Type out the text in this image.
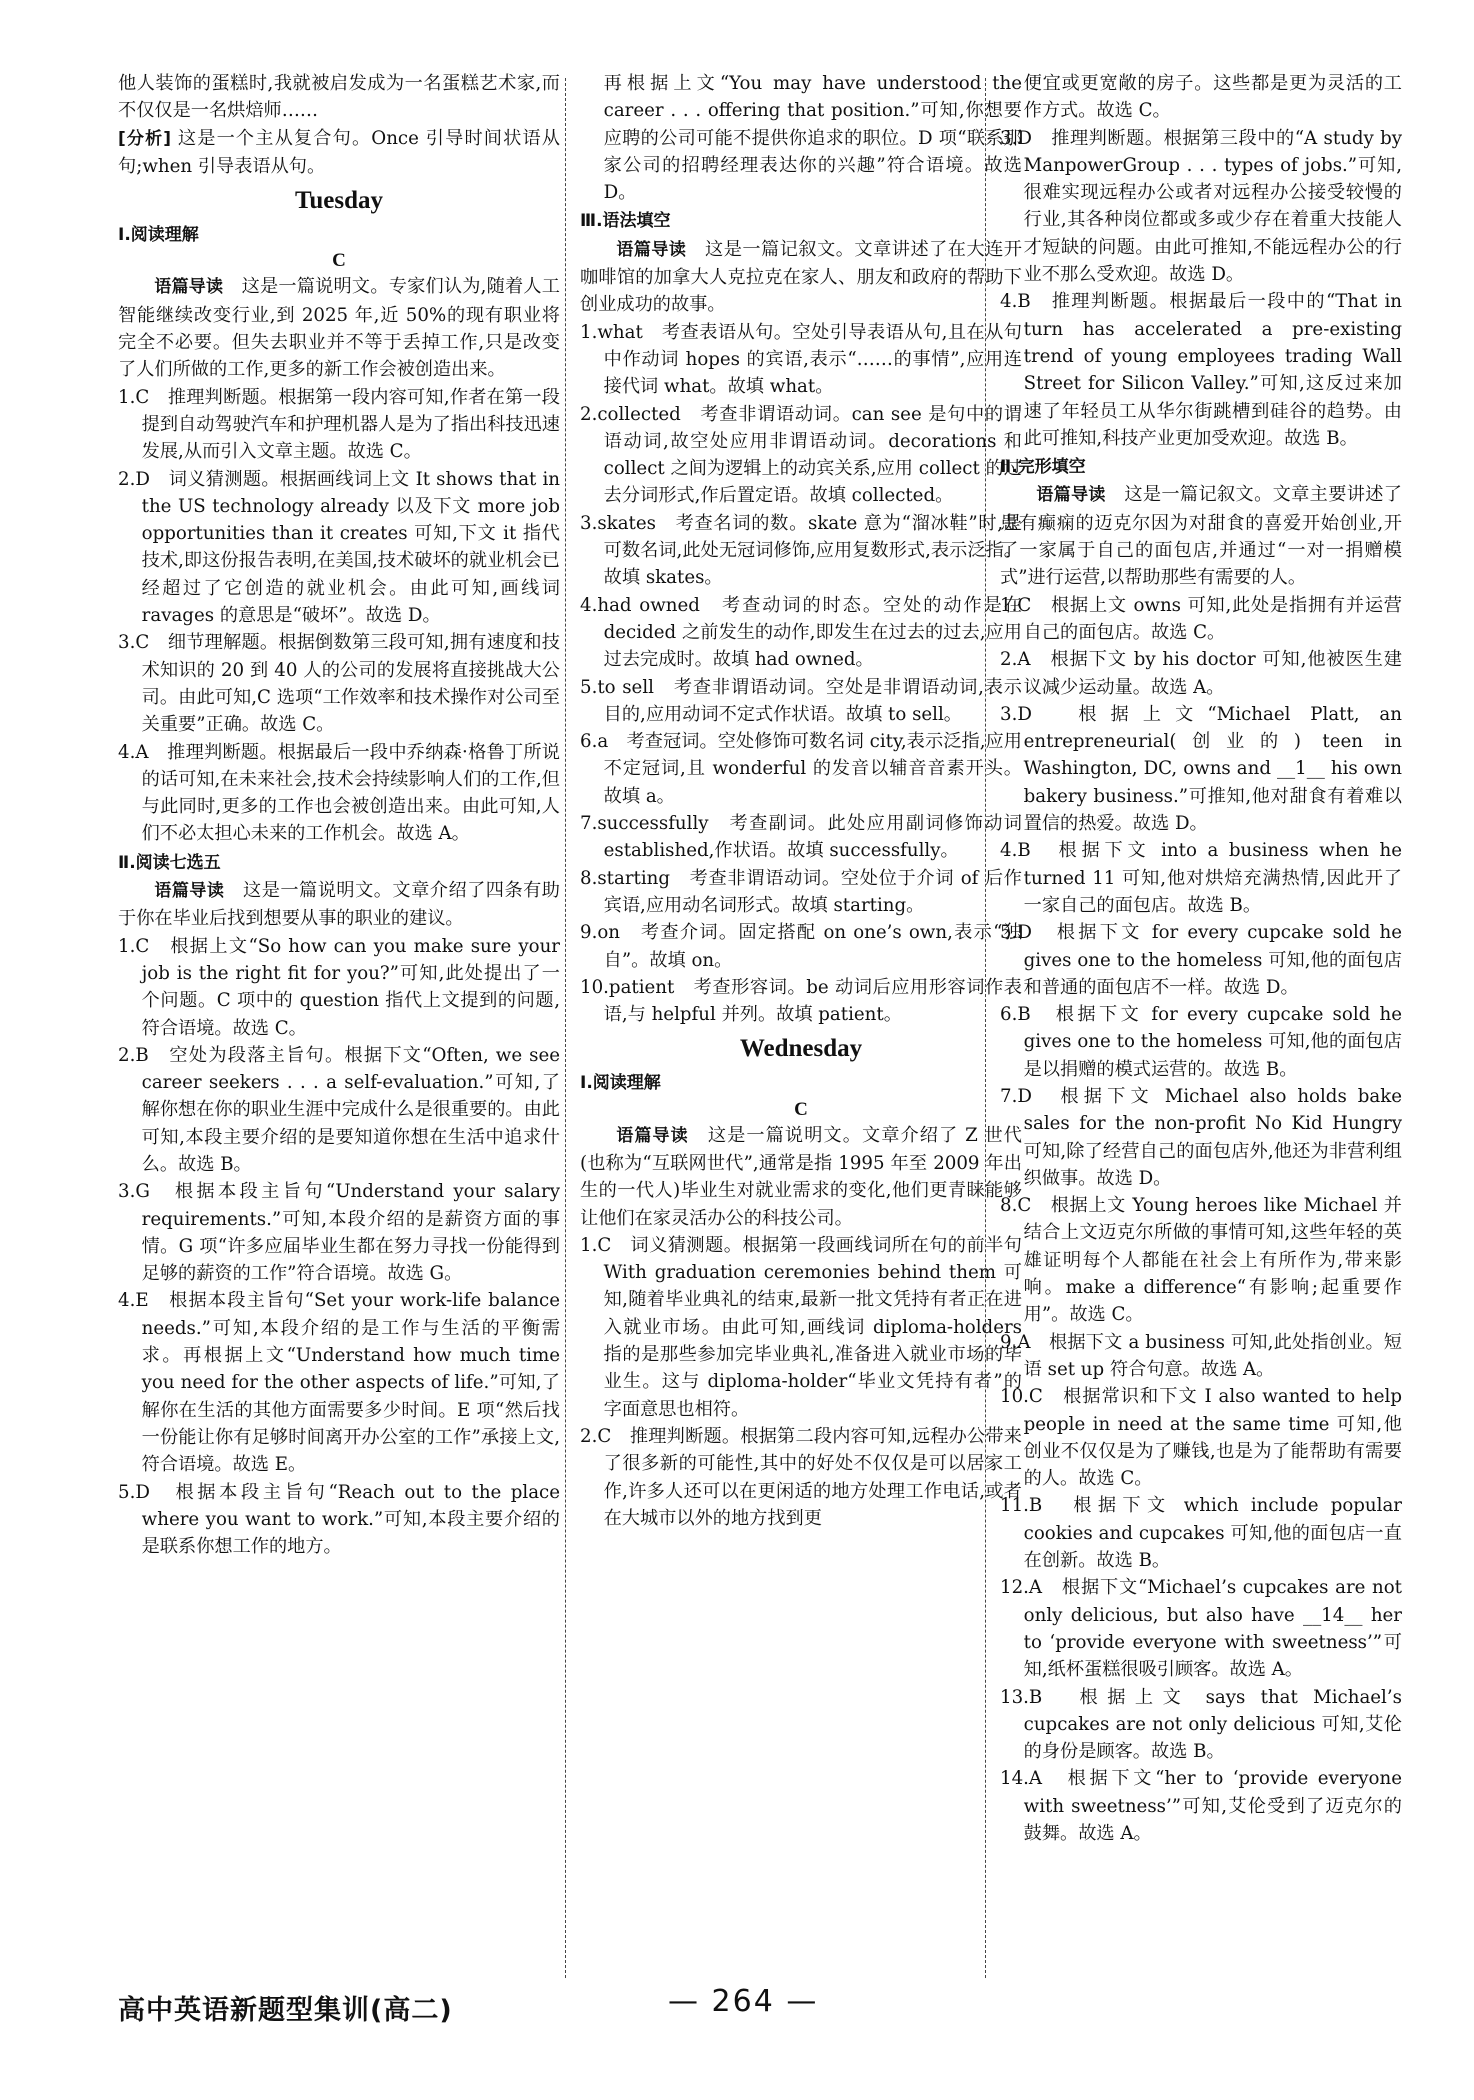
他人装饰的蛋糕时,我就被启发成为一名蛋糕艺术家,而不仅仅是一名烘焙师……

[分析] 这是一个主从复合句。Once 引导时间状语从句;when 引导表语从句。

Tuesday

Ⅰ.阅读理解

C

语篇导读　 这是一篇说明文。专家们认为,随着人工智能继续改变行业,到 2025 年,近 50%的现有职业将完全不必要。但失去职业并不等于丢掉工作,只是改变了人们所做的工作,更多的新工作会被创造出来。

1.C　推理判断题。根据第一段内容可知,作者在第一段提到自动驾驶汽车和护理机器人是为了指出科技迅速发展,从而引入文章主题。故选 C。

2.D　词义猜测题。根据画线词上文 It shows that in the US technology already 以及下文 more job opportunities than it creates 可知,下文 it 指代技术,即这份报告表明,在美国,技术破坏的就业机会已经超过了它创造的就业机会。由此可知,画线词 ravages 的意思是“破坏”。故选 D。

3.C　细节理解题。根据倒数第三段可知,拥有速度和技术知识的 20 到 40 人的公司的发展将直接挑战大公司。由此可知,C 选项“工作效率和技术操作对公司至关重要”正确。故选 C。

4.A　推理判断题。根据最后一段中乔纳森·格鲁丁所说的话可知,在未来社会,技术会持续影响人们的工作,但与此同时,更多的工作也会被创造出来。由此可知,人们不必太担心未来的工作机会。故选 A。

Ⅱ.阅读七选五

语篇导读　 这是一篇说明文。文章介绍了四条有助于你在毕业后找到想要从事的职业的建议。

1.C　根据上文“So how can you make sure your job is the right fit for you?”可知,此处提出了一个问题。C 项中的 question 指代上文提到的问题,符合语境。故选 C。

2.B　空处为段落主旨句。根据下文“Often, we see career seekers . . . a self-evaluation.”可知,了解你想在你的职业生涯中完成什么是很重要的。由此可知,本段主要介绍的是要知道你想在生活中追求什么。故选 B。

3.G　根据本段主旨句“Understand your salary requirements.”可知,本段介绍的是薪资方面的事情。G 项“许多应届毕业生都在努力寻找一份能得到足够的薪资的工作”符合语境。故选 G。

4.E　根据本段主旨句“Set your work-life balance needs.”可知,本段介绍的是工作与生活的平衡需求。再根据上文“Understand how much time you need for the other aspects of life.”可知,了解你在生活的其他方面需要多少时间。E 项“然后找一份能让你有足够时间离开办公室的工作”承接上文,符合语境。故选 E。

5.D　根据本段主旨句“Reach out to the place where you want to work.”可知,本段主要介绍的是联系你想工作的地方。

再根据上文“You may have understood the career . . . offering that position.”可知,你想要应聘的公司可能不提供你追求的职位。D 项“联系那家公司的招聘经理表达你的兴趣”符合语境。故选 D。

Ⅲ.语法填空

语篇导读　 这是一篇记叙文。文章讲述了在大连开咖啡馆的加拿大人克拉克在家人、朋友和政府的帮助下创业成功的故事。

1.what　考查表语从句。空处引导表语从句,且在从句中作动词 hopes 的宾语,表示“……的事情”,应用连接代词 what。故填 what。

2.collected　考查非谓语动词。can see 是句中的谓语动词,故空处应用非谓语动词。decorations 和 collect 之间为逻辑上的动宾关系,应用 collect 的过去分词形式,作后置定语。故填 collected。

3.skates　考查名词的数。skate 意为“溜冰鞋”时,是可数名词,此处无冠词修饰,应用复数形式,表示泛指。故填 skates。

4.had owned　考查动词的时态。空处的动作是在 decided 之前发生的动作,即发生在过去的过去,应用过去完成时。故填 had owned。

5.to sell　考查非谓语动词。空处是非谓语动词,表示目的,应用动词不定式作状语。故填 to sell。

6.a　考查冠词。空处修饰可数名词 city,表示泛指,应用不定冠词,且 wonderful 的发音以辅音音素开头。故填 a。

7.successfully　考查副词。此处应用副词修饰动词 established,作状语。故填 successfully。

8.starting　考查非谓语动词。空处位于介词 of 后作宾语,应用动名词形式。故填 starting。

9.on　考查介词。固定搭配 on one’s own,表示“独自”。故填 on。

10.patient　考查形容词。be 动词后应用形容词作表语,与 helpful 并列。故填 patient。

Wednesday

Ⅰ.阅读理解

C

语篇导读　 这是一篇说明文。文章介绍了 Z 世代(也称为“互联网世代”,通常是指 1995 年至 2009 年出生的一代人)毕业生对就业需求的变化,他们更青睐能够让他们在家灵活办公的科技公司。

1.C　词义猜测题。根据第一段画线词所在句的前半句 With graduation ceremonies behind them 可知,随着毕业典礼的结束,最新一批文凭持有者正在进入就业市场。由此可知,画线词 diploma-holders 指的是那些参加完毕业典礼,准备进入就业市场的毕业生。这与 diploma-holder“毕业文凭持有者”的字面意思也相符。

2.C　推理判断题。根据第二段内容可知,远程办公带来了很多新的可能性,其中的好处不仅仅是可以居家工作,许多人还可以在更闲适的地方处理工作电话,或者在大城市以外的地方找到更

便宜或更宽敞的房子。这些都是更为灵活的工作方式。故选 C。

3.D　推理判断题。根据第三段中的“A study by ManpowerGroup . . . types of jobs.”可知,很难实现远程办公或者对远程办公接受较慢的行业,其各种岗位都或多或少存在着重大技能人才短缺的问题。由此可推知,不能远程办公的行业不那么受欢迎。故选 D。

4.B　推理判断题。根据最后一段中的“That in turn has accelerated a pre-existing trend of young employees trading Wall Street for Silicon Valley.”可知,这反过来加速了年轻员工从华尔街跳槽到硅谷的趋势。由此可推知,科技产业更加受欢迎。故选 B。

Ⅱ.完形填空

语篇导读　 这是一篇记叙文。文章主要讲述了患有癫痫的迈克尔因为对甜食的喜爱开始创业,开了一家属于自己的面包店,并通过“一对一捐赠模式”进行运营,以帮助那些有需要的人。

1.C　根据上文 owns 可知,此处是指拥有并运营自己的面包店。故选 C。

2.A　根据下文 by his doctor 可知,他被医生建议减少运动量。故选 A。

3.D　根据上文“Michael Platt, an entrepreneurial(创业的) teen in Washington, DC, owns and __1__ his own bakery business.”可推知,他对甜食有着难以置信的热爱。故选 D。

4.B　根据下文 into a business when he turned 11 可知,他对烘焙充满热情,因此开了一家自己的面包店。故选 B。

5.D　根据下文 for every cupcake sold he gives one to the homeless 可知,他的面包店和普通的面包店不一样。故选 D。

6.B　根据下文 for every cupcake sold he gives one to the homeless 可知,他的面包店是以捐赠的模式运营的。故选 B。

7.D　根据下文 Michael also holds bake sales for the non-profit No Kid Hungry 可知,除了经营自己的面包店外,他还为非营利组织做事。故选 D。

8.C　根据上文 Young heroes like Michael 并结合上文迈克尔所做的事情可知,这些年轻的英雄证明每个人都能在社会上有所作为,带来影响。make a difference“有影响;起重要作用”。故选 C。

9.A　根据下文 a business 可知,此处指创业。短语 set up 符合句意。故选 A。

10.C　根据常识和下文 I also wanted to help people in need at the same time 可知,他创业不仅仅是为了赚钱,也是为了能帮助有需要的人。故选 C。

11.B　根据下文 which include popular cookies and cupcakes 可知,他的面包店一直在创新。故选 B。

12.A　根据下文“Michael’s cupcakes are not only delicious, but also have __14__ her to ‘provide everyone with sweetness’”可知,纸杯蛋糕很吸引顾客。故选 A。

13.B　根据上文 says that Michael’s cupcakes are not only delicious 可知,艾伦的身份是顾客。故选 B。

14.A　根据下文“her to ‘provide everyone with sweetness’”可知,艾伦受到了迈克尔的鼓舞。故选 A。

高中英语新题型集训(高二)	— 264 —
